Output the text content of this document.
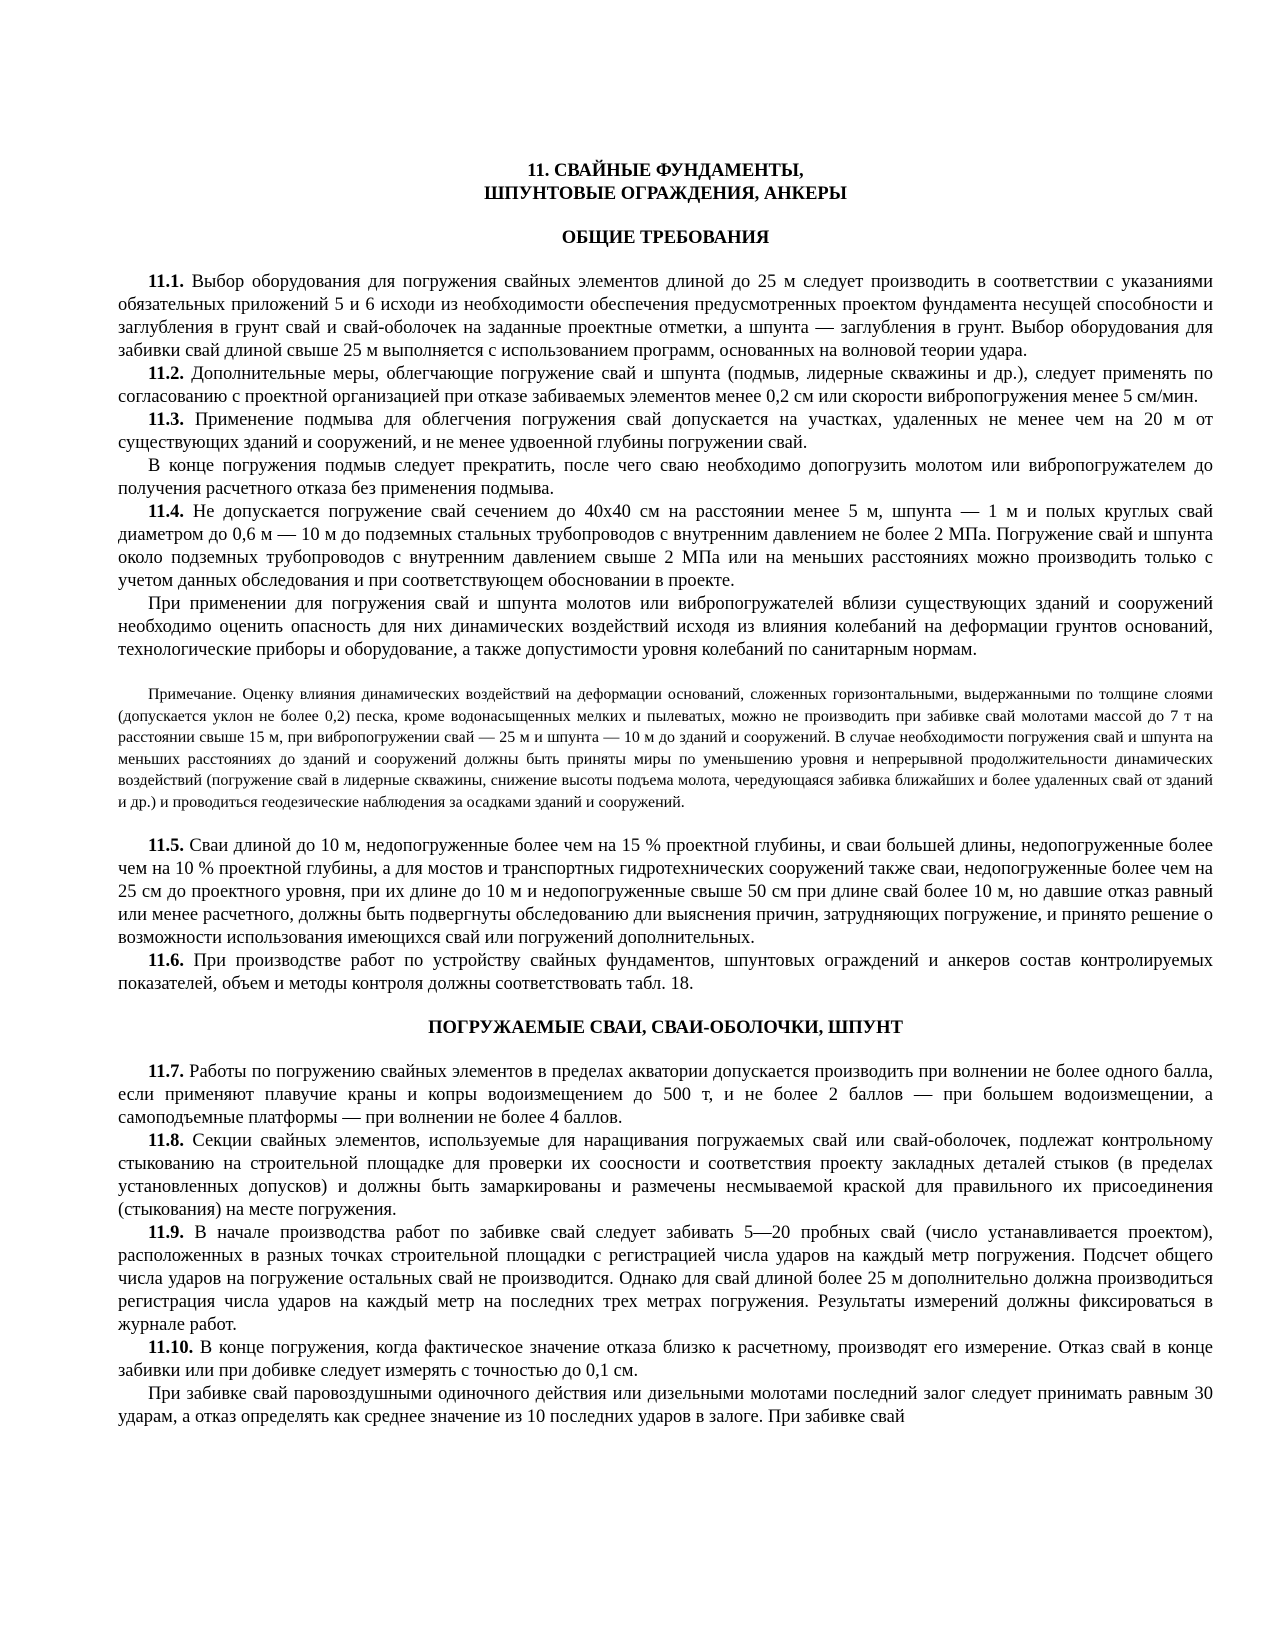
11. СВАЙНЫЕ ФУНДАМЕНТЫ,

ШПУНТОВЫЕ ОГРАЖДЕНИЯ, АНКЕРЫ

ОБЩИЕ ТРЕБОВАНИЯ

11.1. Выбор оборудования для погружения свайных элементов длиной до 25 м следует производить в соответствии с указаниями обязательных приложений 5 и 6 исходи из необходимости обеспечения предусмотренных проектом фундамента несущей способности и заглубления в грунт свай и свай-оболочек на заданные проектные отметки, а шпунта — заглубления в грунт. Выбор оборудования для забивки свай длиной свыше 25 м выполняется с использованием программ, основанных на волновой теории удара.

11.2. Дополнительные меры, облегчающие погружение свай и шпунта (подмыв, лидерные скважины и др.), следует применять по согласованию с проектной организацией при отказе забиваемых элементов менее 0,2 см или скорости вибропогружения менее 5 см/мин.

11.3. Применение подмыва для облегчения погружения свай допускается на участках, удаленных не менее чем на 20 м от существующих зданий и сооружений, и не менее удвоенной глубины погружении свай.

В конце погружения подмыв следует прекратить, после чего сваю необходимо допогрузить молотом или вибропогружателем до получения расчетного отказа без применения подмыва.

11.4. Не допускается погружение свай сечением до 40x40 см на расстоянии менее 5 м, шпунта — 1 м и полых круглых свай диаметром до 0,6 м — 10 м до подземных стальных трубопроводов с внутренним давлением не более 2 МПа. Погружение свай и шпунта около подземных трубопроводов с внутренним давлением свыше 2 МПа или на меньших расстояниях можно производить только с учетом данных обследования и при соответствующем обосновании в проекте.

При применении для погружения свай и шпунта молотов или вибропогружателей вблизи существующих зданий и сооружений необходимо оценить опасность для них динамических воздействий исходя из влияния колебаний на деформации грунтов оснований, технологические приборы и оборудование, а также допустимости уровня колебаний по санитарным нормам.

Примечание. Оценку влияния динамических воздействий на деформации оснований, сложенных горизонтальными, выдержанными по толщине слоями (допускается уклон не более 0,2) песка, кроме водонасыщенных мелких и пылеватых, можно не производить при забивке свай молотами массой до 7 т на расстоянии свыше 15 м, при вибропогружении свай — 25 м и шпунта — 10 м до зданий и сооружений. В случае необходимости погружения свай и шпунта на меньших расстояниях до зданий и сооружений должны быть приняты миры по уменьшению уровня и непрерывной продолжительности динамических воздействий (погружение свай в лидерные скважины, снижение высоты подъема молота, чередующаяся забивка ближайших и более удаленных свай от зданий и др.) и проводиться геодезические наблюдения за осадками зданий и сооружений.

11.5. Сваи длиной до 10 м, недопогруженные более чем на 15 % проектной глубины, и сваи большей длины, недопогруженные более чем на 10 % проектной глубины, а для мостов и транспортных гидротехнических сооружений также сваи, недопогруженные более чем на 25 см до проектного уровня, при их длине до 10 м и недопогруженные свыше 50 см при длине свай более 10 м, но давшие отказ равный или менее расчетного, должны быть подвергнуты обследованию дли выяснения причин, затрудняющих погружение, и принято решение о возможности использования имеющихся свай или погружений дополнительных.

11.6. При производстве работ по устройству свайных фундаментов, шпунтовых ограждений и анкеров состав контролируемых показателей, объем и методы контроля должны соответствовать табл. 18.

ПОГРУЖАЕМЫЕ СВАИ, СВАИ-ОБОЛОЧКИ, ШПУНТ

11.7. Работы по погружению свайных элементов в пределах акватории допускается производить при волнении не более одного балла, если применяют плавучие краны и копры водоизмещением до 500 т, и не более 2 баллов — при большем водоизмещении, а самоподъемные платформы — при волнении не более 4 баллов.

11.8. Секции свайных элементов, используемые для наращивания погружаемых свай или свай-оболочек, подлежат контрольному стыкованию на строительной площадке для проверки их соосности и соответствия проекту закладных деталей стыков (в пределах установленных допусков) и должны быть замаркированы и размечены несмываемой краской для правильного их присоединения (стыкования) на месте погружения.

11.9. В начале производства работ по забивке свай следует забивать 5—20 пробных свай (число устанавливается проектом), расположенных в разных точках строительной площадки с регистрацией числа ударов на каждый метр погружения. Подсчет общего числа ударов на погружение остальных свай не производится. Однако для свай длиной более 25 м дополнительно должна производиться регистрация числа ударов на каждый метр на последних трех метрах погружения. Результаты измерений должны фиксироваться в журнале работ.

11.10. В конце погружения, когда фактическое значение отказа близко к расчетному, производят его измерение. Отказ свай в конце забивки или при добивке следует измерять с точностью до 0,1 см.

При забивке свай паровоздушными одиночного действия или дизельными молотами последний залог следует принимать равным 30 ударам, а отказ определять как среднее значение из 10 последних ударов в залоге. При забивке свай
